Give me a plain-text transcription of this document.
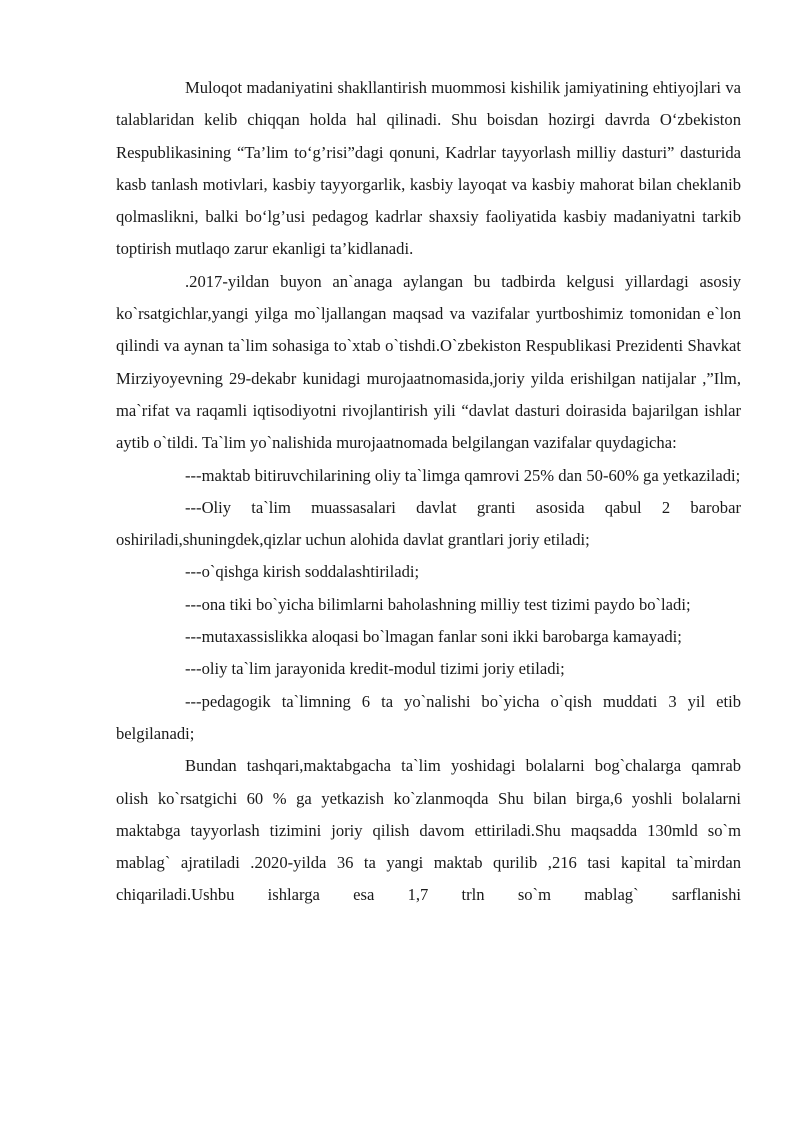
Muloqot madaniyatini shakllantirish muommosi kishilik jamiyatining ehtiyojlari va talablaridan kelib chiqqan holda hal qilinadi. Shu boisdan hozirgi davrda O‘zbekiston Respublikasining “Ta’lim to‘g’risi”dagi qonuni, Kadrlar tayyorlash milliy dasturi” dasturida kasb tanlash motivlari, kasbiy tayyorgarlik, kasbiy layoqat va kasbiy mahorat bilan cheklanib qolmaslikni, balki bo‘lg’usi pedagog kadrlar shaxsiy faoliyatida kasbiy madaniyatni tarkib toptirish mutlaqo zarur ekanligi ta’kidlanadi.

.2017-yildan buyon an`anaga aylangan bu tadbirda kelgusi yillardagi asosiy ko`rsatgichlar,yangi yilga mo`ljallangan maqsad va vazifalar yurtboshimiz tomonidan e`lon qilindi va aynan ta`lim sohasiga to`xtab o`tishdi.O`zbekiston Respublikasi Prezidenti Shavkat Mirziyoyevning 29-dekabr kunidagi murojaatnomasida,joriy yilda erishilgan natijalar ,”Ilm, ma`rifat va raqamli iqtisodiyotni rivojlantirish yili “davlat dasturi doirasida bajarilgan ishlar aytib o`tildi. Ta`lim yo`nalishida murojaatnomada belgilangan vazifalar quydagicha:

---maktab bitiruvchilarining oliy ta`limga qamrovi 25% dan 50-60% ga yetkaziladi;

---Oliy ta`lim muassasalari davlat granti asosida qabul 2 barobar oshiriladi,shuningdek,qizlar uchun alohida davlat grantlari joriy etiladi;

---o`qishga kirish soddalashtiriladi;

---ona tiki bo`yicha bilimlarni baholashning milliy test tizimi paydo bo`ladi;

---mutaxassislikka aloqasi bo`lmagan fanlar soni ikki barobarga kamayadi;

---oliy ta`lim jarayonida kredit-modul tizimi joriy etiladi;

---pedagogik ta`limning 6 ta yo`nalishi bo`yicha o`qish muddati 3 yil etib belgilanadi;

Bundan tashqari,maktabgacha ta`lim yoshidagi bolalarni bog`chalarga qamrab olish ko`rsatgichi 60 % ga yetkazish ko`zlanmoqda Shu bilan birga,6 yoshli bolalarni maktabga tayyorlash tizimini joriy qilish davom ettiriladi.Shu maqsadda 130mld so`m mablag` ajratiladi .2020-yilda 36 ta yangi maktab qurilib ,216 tasi kapital ta`mirdan chiqariladi.Ushbu ishlarga esa 1,7 trln so`m mablag` sarflanishi
